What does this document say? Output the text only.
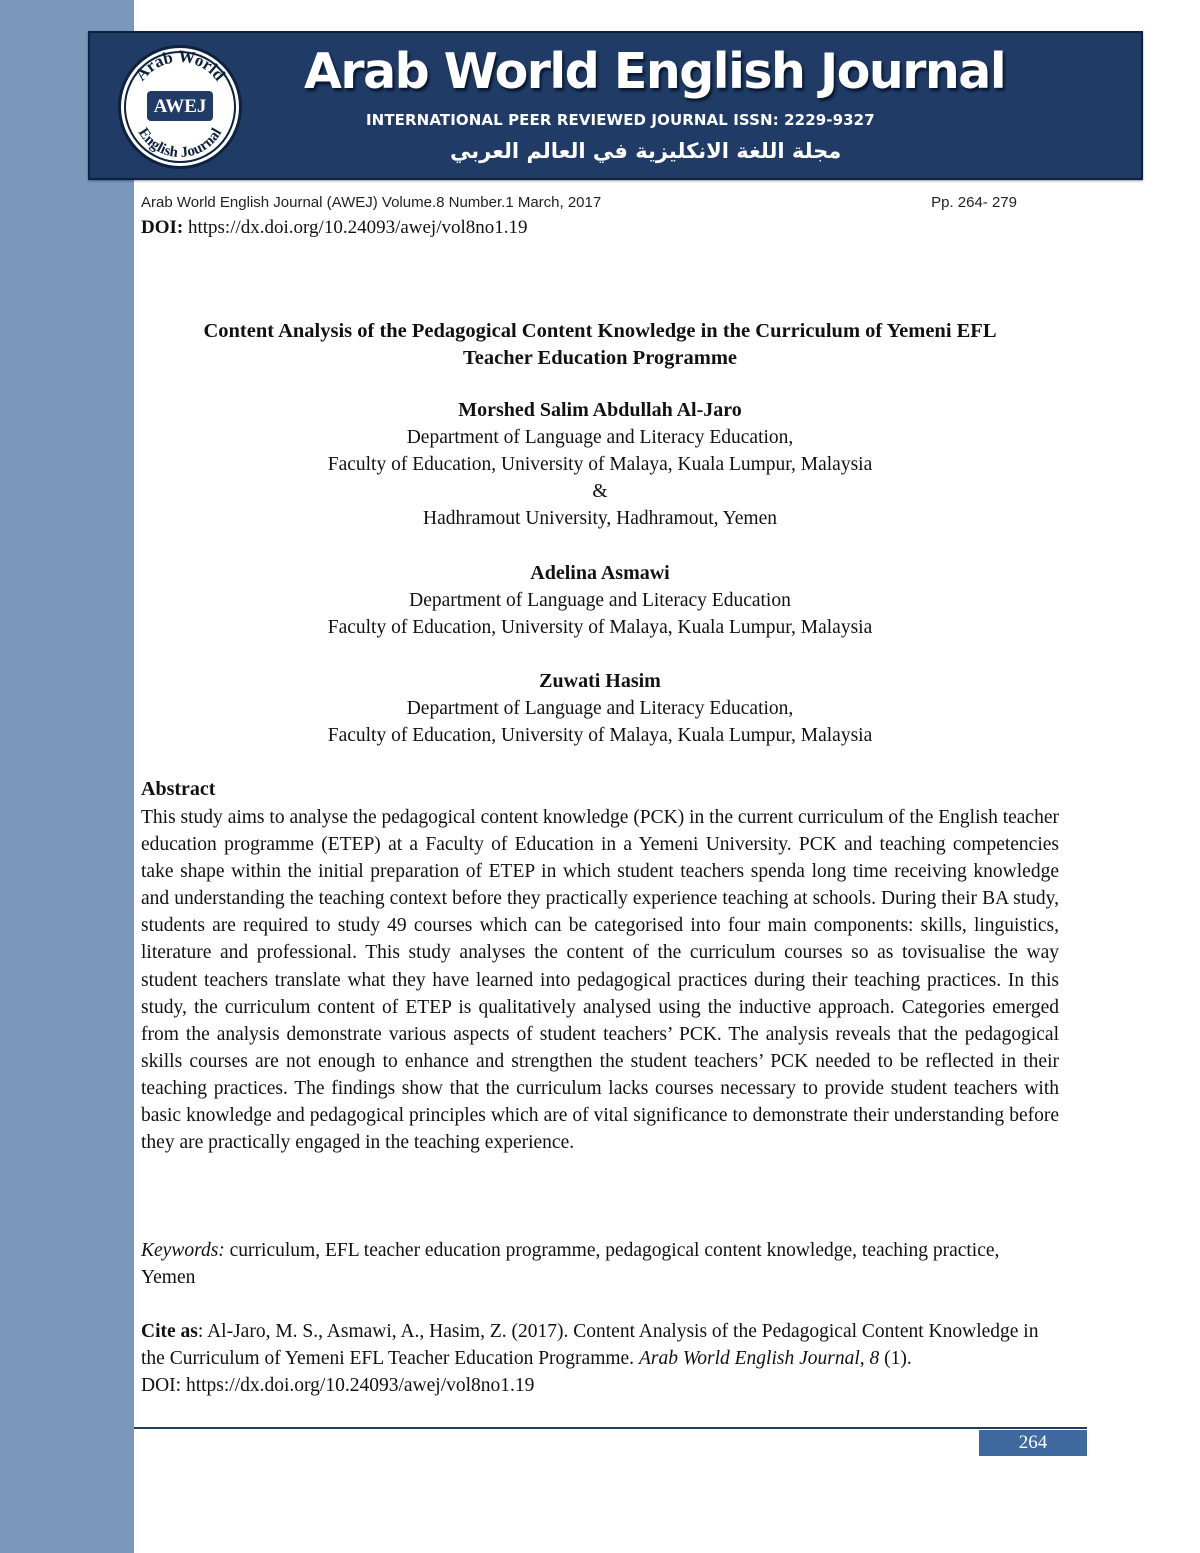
Arab World
English Journal
AWEJ
Arab World English Journal
INTERNATIONAL PEER REVIEWED JOURNAL ISSN: 2229-9327
مجلة اللغة الانكليزية في العالم العربي
Arab World English Journal (AWEJ) Volume.8 Number.1 March, 2017	Pp. 264- 279
DOI: https://dx.doi.org/10.24093/awej/vol8no1.19
Content Analysis of the Pedagogical Content Knowledge in the Curriculum of Yemeni EFL
Teacher Education Programme
Morshed Salim Abdullah Al-Jaro
Department of Language and Literacy Education,
Faculty of Education, University of Malaya, Kuala Lumpur, Malaysia
&
Hadhramout University, Hadhramout, Yemen
Adelina Asmawi
Department of Language and Literacy Education
Faculty of Education, University of Malaya, Kuala Lumpur, Malaysia
Zuwati Hasim
Department of Language and Literacy Education,
Faculty of Education, University of Malaya, Kuala Lumpur, Malaysia
Abstract
This study aims to analyse the pedagogical content knowledge (PCK) in the current curriculum of the English teacher education programme (ETEP) at a Faculty of Education in a Yemeni University. PCK and teaching competencies take shape within the initial preparation of ETEP in which student teachers spenda long time receiving knowledge and understanding the teaching context before they practically experience teaching at schools. During their BA study, students are required to study 49 courses which can be categorised into four main components: skills, linguistics, literature and professional. This study analyses the content of the curriculum courses so as tovisualise the way student teachers translate what they have learned into pedagogical practices during their teaching practices. In this study, the curriculum content of ETEP is qualitatively analysed using the inductive approach. Categories emerged from the analysis demonstrate various aspects of student teachers’ PCK. The analysis reveals that the pedagogical skills courses are not enough to enhance and strengthen the student teachers’ PCK needed to be reflected in their teaching practices. The findings show that the curriculum lacks courses necessary to provide student teachers with basic knowledge and pedagogical principles which are of vital significance to demonstrate their understanding before they are practically engaged in the teaching experience.
Keywords: curriculum, EFL teacher education programme, pedagogical content knowledge, teaching practice, Yemen
Cite as: Al-Jaro, M. S., Asmawi, A., Hasim, Z. (2017). Content Analysis of the Pedagogical Content Knowledge in the Curriculum of Yemeni EFL Teacher Education Programme. Arab World English Journal, 8 (1).
DOI: https://dx.doi.org/10.24093/awej/vol8no1.19
264
